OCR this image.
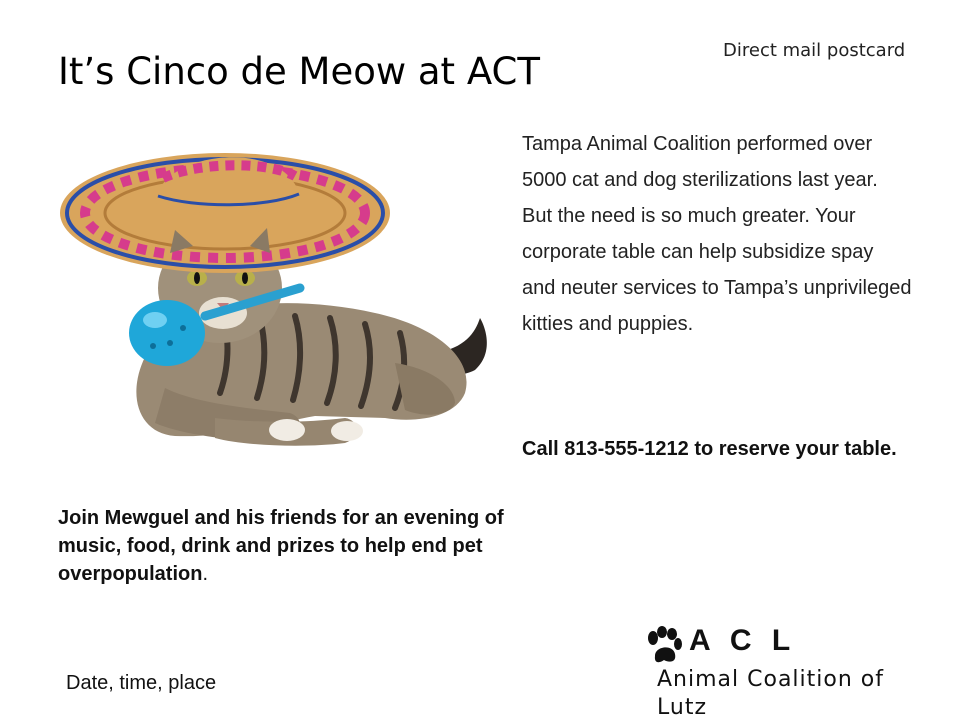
Direct mail postcard
It’s Cinco de Meow at ACT
Tampa Animal Coalition performed over 5000 cat and dog sterilizations last year. But the need is so much greater. Your corporate table can help subsidize spay and neuter services to Tampa’s unprivileged kitties and puppies.
Call 813-555-1212 to reserve your table.
Join Mewguel and his friends for an evening of music, food, drink and prizes to help end pet overpopulation.
Date, time, place
A C L
Animal Coalition of Lutz
